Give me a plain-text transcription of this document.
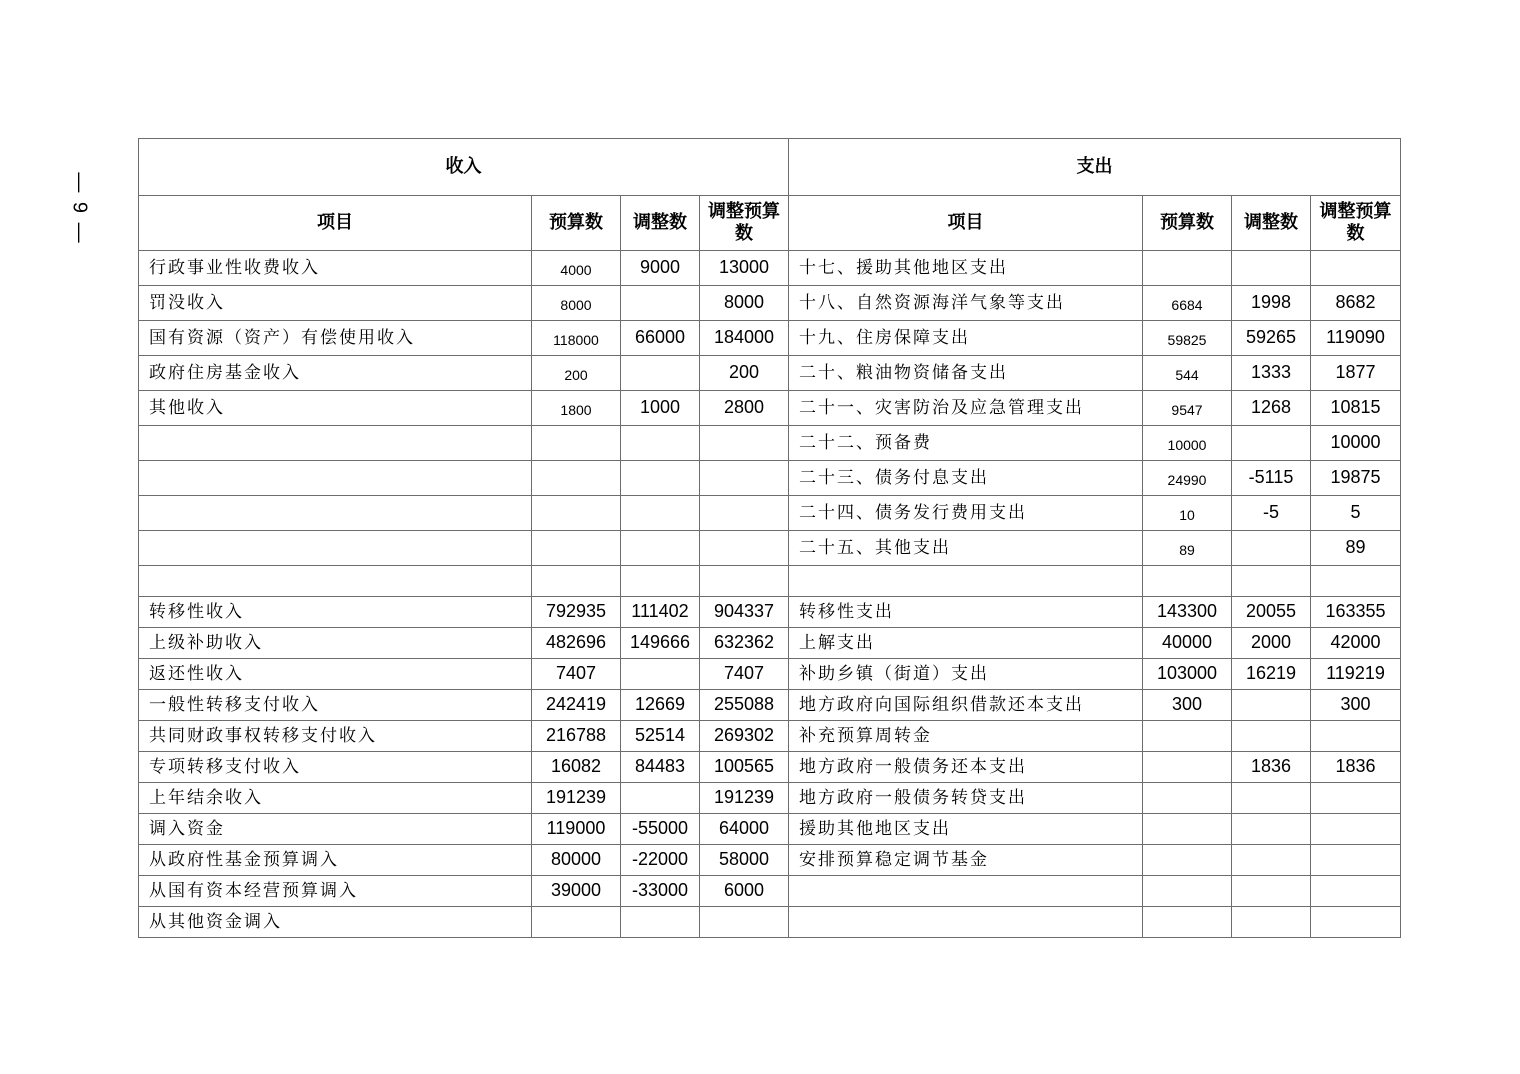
— 9 —
收入				支出			
项目	预算数	调整数	调整预算数	项目	预算数	调整数	调整预算数
行政事业性收费收入	4000	9000	13000	十七、援助其他地区支出			
罚没收入	8000		8000	十八、自然资源海洋气象等支出	6684	1998	8682
国有资源（资产）有偿使用收入	118000	66000	184000	十九、住房保障支出	59825	59265	119090
政府住房基金收入	200		200	二十、粮油物资储备支出	544	1333	1877
其他收入	1800	1000	2800	二十一、灾害防治及应急管理支出	9547	1268	10815
				二十二、预备费	10000		10000
				二十三、债务付息支出	24990	-5115	19875
				二十四、债务发行费用支出	10	-5	5
				二十五、其他支出	89		89

转移性收入	792935	111402	904337	转移性支出	143300	20055	163355
上级补助收入	482696	149666	632362	上解支出	40000	2000	42000
返还性收入	7407		7407	补助乡镇（街道）支出	103000	16219	119219
一般性转移支付收入	242419	12669	255088	地方政府向国际组织借款还本支出	300		300
共同财政事权转移支付收入	216788	52514	269302	补充预算周转金			
专项转移支付收入	16082	84483	100565	地方政府一般债务还本支出		1836	1836
上年结余收入	191239		191239	地方政府一般债务转贷支出			
调入资金	119000	-55000	64000	援助其他地区支出			
从政府性基金预算调入	80000	-22000	58000	安排预算稳定调节基金			
从国有资本经营预算调入	39000	-33000	6000				
从其他资金调入							
